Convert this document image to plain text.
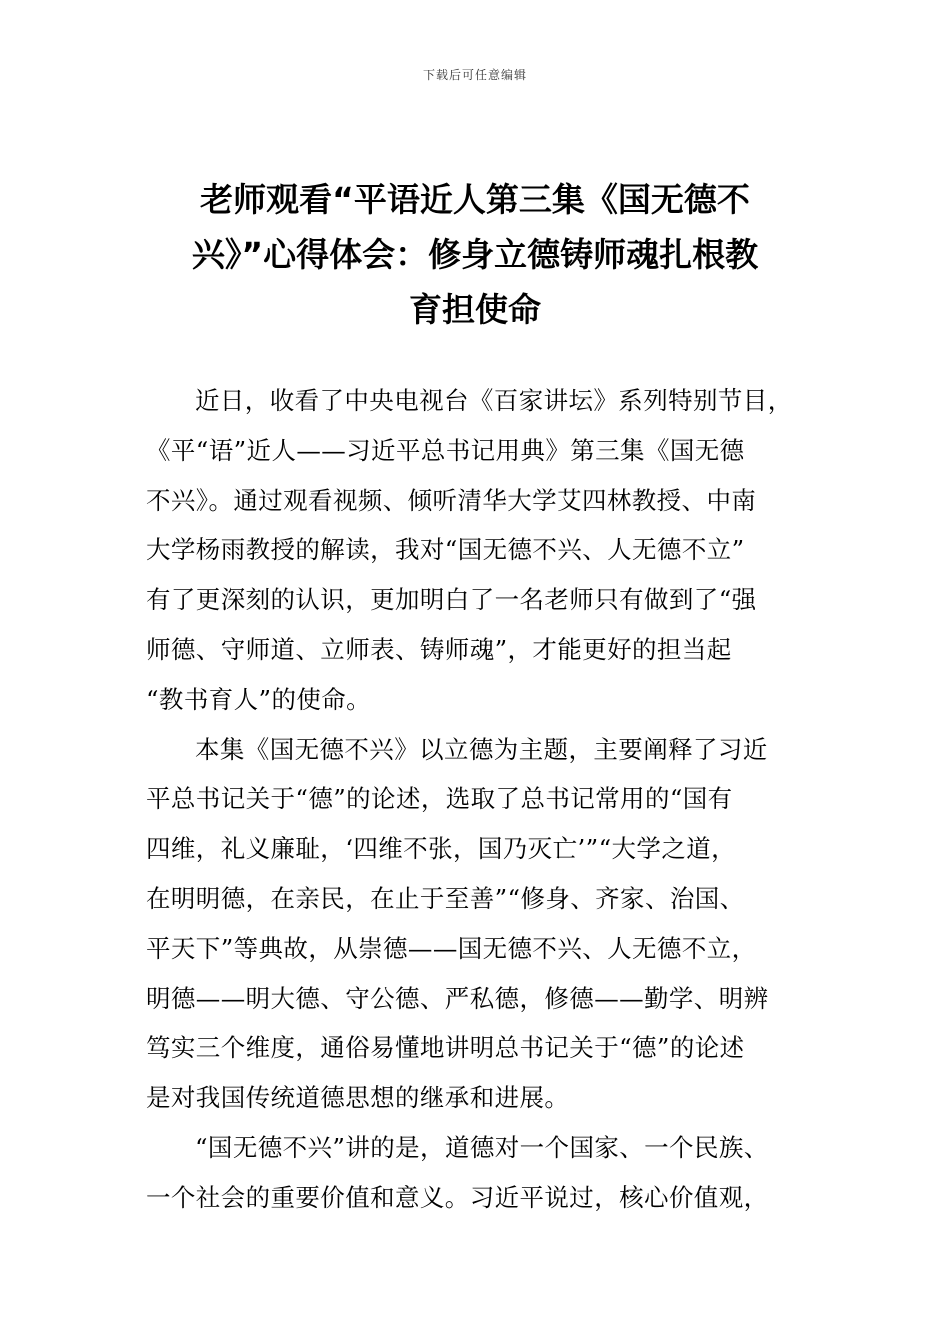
下载后可任意编辑
老师观看“平语近人第三集《国无德不
兴》”心得体会：修身立德铸师魂扎根教
育担使命
近日，收看了中央电视台《百家讲坛》系列特别节目，
《平“语”近人——习近平总书记用典》第三集《国无德
不兴》。通过观看视频、倾听清华大学艾四林教授、中南
大学杨雨教授的解读，我对“国无德不兴、人无德不立”
有了更深刻的认识，更加明白了一名老师只有做到了“强
师德、守师道、立师表、铸师魂”，才能更好的担当起
“教书育人”的使命。
本集《国无德不兴》以立德为主题，主要阐释了习近
平总书记关于“德”的论述，选取了总书记常用的“国有
四维，礼义廉耻，‘四维不张，国乃灭亡’”“大学之道，
在明明德，在亲民，在止于至善”“修身、齐家、治国、
平天下”等典故，从崇德——国无德不兴、人无德不立，
明德——明大德、守公德、严私德，修德——勤学、明辨
笃实三个维度，通俗易懂地讲明总书记关于“德”的论述
是对我国传统道德思想的继承和进展。
“国无德不兴”讲的是，道德对一个国家、一个民族、
一个社会的重要价值和意义。习近平说过，核心价值观，
